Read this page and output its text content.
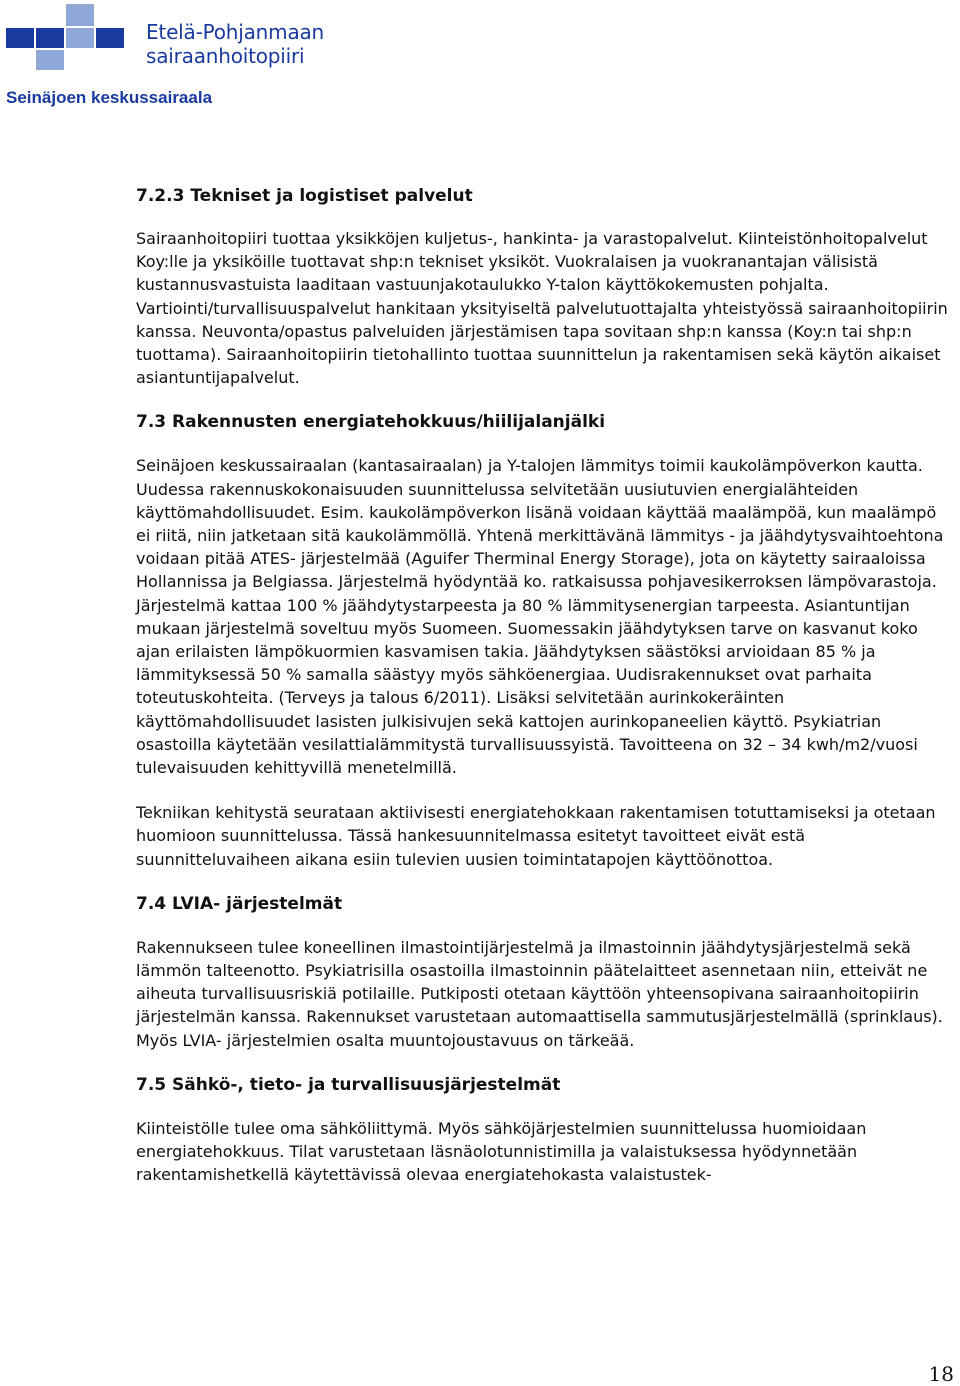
Etelä-Pohjanmaan
sairaanhoitopiiri
Seinäjoen keskussairaala
7.2.3 Tekniset ja logistiset palvelut

Sairaanhoitopiiri tuottaa yksikköjen kuljetus-, hankinta- ja varastopalvelut. Kiinteistönhoitopalvelut Koy:lle ja yksiköille tuottavat shp:n tekniset yksiköt. Vuokralaisen ja vuokranantajan välisistä kustannusvastuista laaditaan vastuunjakotaulukko Y-talon käyttökokemusten pohjalta. Vartiointi/turvallisuuspalvelut hankitaan yksityiseltä palvelutuottajalta yhteistyössä sairaanhoitopiirin kanssa. Neuvonta/opastus palveluiden järjestämisen tapa sovitaan shp:n kanssa (Koy:n tai shp:n tuottama). Sairaanhoitopiirin tietohallinto tuottaa suunnittelun ja rakentamisen sekä käytön aikaiset asiantuntijapalvelut.

7.3 Rakennusten energiatehokkuus/hiilijalanjälki

Seinäjoen keskussairaalan (kantasairaalan) ja Y-talojen lämmitys toimii kaukolämpöverkon kautta. Uudessa rakennuskokonaisuuden suunnittelussa selvitetään uusiutuvien energialähteiden käyttömahdollisuudet. Esim. kaukolämpöverkon lisänä voidaan käyttää maalämpöä, kun maalämpö ei riitä, niin jatketaan sitä kaukolämmöllä. Yhtenä merkittävänä lämmitys - ja jäähdytysvaihtoehtona voidaan pitää ATES- järjestelmää (Aguifer Therminal Energy Storage), jota on käytetty sairaaloissa Hollannissa ja Belgiassa. Järjestelmä hyödyntää ko. ratkaisussa pohjavesikerroksen lämpövarastoja. Järjestelmä kattaa 100 % jäähdytystarpeesta ja 80 % lämmitysenergian tarpeesta. Asiantuntijan mukaan järjestelmä soveltuu myös Suomeen. Suomessakin jäähdytyksen tarve on kasvanut koko ajan erilaisten lämpökuormien kasvamisen takia. Jäähdytyksen säästöksi arvioidaan 85 % ja lämmityksessä 50 % samalla säästyy myös sähköenergiaa. Uudisrakennukset ovat parhaita toteutuskohteita. (Terveys ja talous 6/2011). Lisäksi selvitetään aurinkokeräinten käyttömahdollisuudet lasisten julkisivujen sekä kattojen aurinkopaneelien käyttö. Psykiatrian osastoilla käytetään vesilattialämmitystä turvallisuussyistä. Tavoitteena on 32 – 34 kwh/m2/vuosi tulevaisuuden kehittyvillä menetelmillä.

Tekniikan kehitystä seurataan aktiivisesti energiatehokkaan rakentamisen totuttamiseksi ja otetaan huomioon suunnittelussa. Tässä hankesuunnitelmassa esitetyt tavoitteet eivät estä suunnitteluvaiheen aikana esiin tulevien uusien toimintatapojen käyttöönottoa.

7.4 LVIA- järjestelmät

Rakennukseen tulee koneellinen ilmastointijärjestelmä ja ilmastoinnin jäähdytysjärjestelmä sekä lämmön talteenotto. Psykiatrisilla osastoilla ilmastoinnin päätelaitteet asennetaan niin, etteivät ne aiheuta turvallisuusriskiä potilaille. Putkiposti otetaan käyttöön yhteensopivana sairaanhoitopiirin järjestelmän kanssa. Rakennukset varustetaan automaattisella sammutusjärjestelmällä (sprinklaus). Myös LVIA- järjestelmien osalta muuntojoustavuus on tärkeää.

7.5 Sähkö-, tieto- ja turvallisuusjärjestelmät

Kiinteistölle tulee oma sähköliittymä. Myös sähköjärjestelmien suunnittelussa huomioidaan energiatehokkuus. Tilat varustetaan läsnäolotunnistimilla ja valaistuksessa hyödynnetään rakentamishetkellä käytettävissä olevaa energiatehokasta valaistustek-

18
